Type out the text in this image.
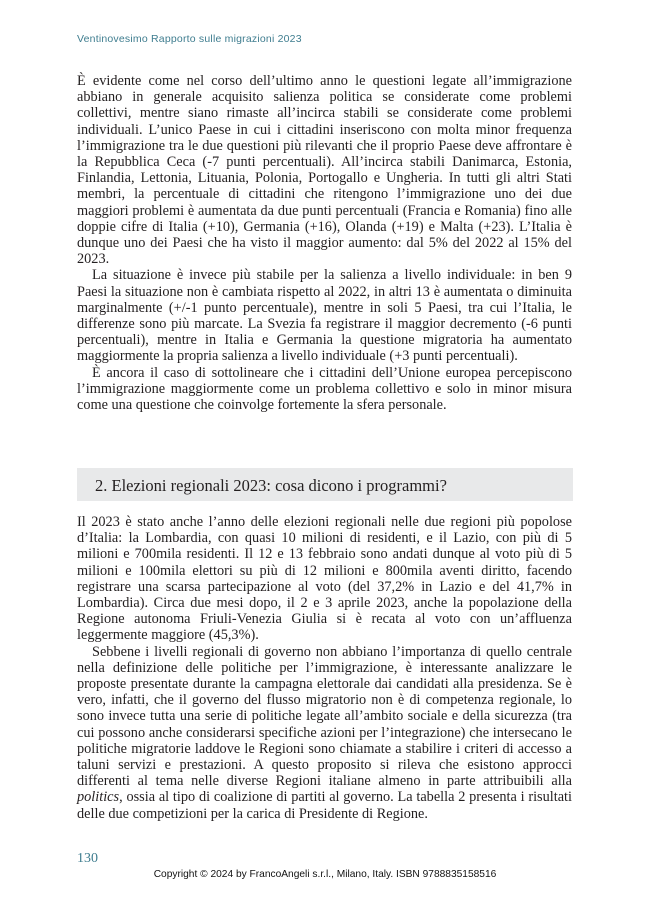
Ventinovesimo Rapporto sulle migrazioni 2023

È evidente come nel corso dell’ultimo anno le questioni legate all’immigrazione abbiano in generale acquisito salienza politica se considerate come problemi collettivi, mentre siano rimaste all’incirca stabili se considerate come problemi individuali. L’unico Paese in cui i cittadini inseriscono con molta minor frequenza l’immigrazione tra le due questioni più rilevanti che il proprio Paese deve affrontare è la Repubblica Ceca (-7 punti percentuali). All’incirca stabili Danimarca, Estonia, Finlandia, Lettonia, Lituania, Polonia, Portogallo e Ungheria. In tutti gli altri Stati membri, la percentuale di cittadini che ritengono l’immigrazione uno dei due maggiori problemi è aumentata da due punti percentuali (Francia e Romania) fino alle doppie cifre di Italia (+10), Germania (+16), Olanda (+19) e Malta (+23). L’Italia è dunque uno dei Paesi che ha visto il maggior aumento: dal 5% del 2022 al 15% del 2023.

La situazione è invece più stabile per la salienza a livello individuale: in ben 9 Paesi la situazione non è cambiata rispetto al 2022, in altri 13 è aumentata o diminuita marginalmente (+/-1 punto percentuale), mentre in soli 5 Paesi, tra cui l’Italia, le differenze sono più marcate. La Svezia fa registrare il maggior decremento (-6 punti percentuali), mentre in Italia e Germania la questione migratoria ha aumentato maggiormente la propria salienza a livello individuale (+3 punti percentuali).

È ancora il caso di sottolineare che i cittadini dell’Unione europea percepiscono l’immigrazione maggiormente come un problema collettivo e solo in minor misura come una questione che coinvolge fortemente la sfera personale.

2. Elezioni regionali 2023: cosa dicono i programmi?

Il 2023 è stato anche l’anno delle elezioni regionali nelle due regioni più popolose d’Italia: la Lombardia, con quasi 10 milioni di residenti, e il Lazio, con più di 5 milioni e 700mila residenti. Il 12 e 13 febbraio sono andati dunque al voto più di 5 milioni e 100mila elettori su più di 12 milioni e 800mila aventi diritto, facendo registrare una scarsa partecipazione al voto (del 37,2% in Lazio e del 41,7% in Lombardia). Circa due mesi dopo, il 2 e 3 aprile 2023, anche la popolazione della Regione autonoma Friuli-Venezia Giulia si è recata al voto con un’affluenza leggermente maggiore (45,3%).

Sebbene i livelli regionali di governo non abbiano l’importanza di quello centrale nella definizione delle politiche per l’immigrazione, è interessante analizzare le proposte presentate durante la campagna elettorale dai candidati alla presidenza. Se è vero, infatti, che il governo del flusso migratorio non è di competenza regionale, lo sono invece tutta una serie di politiche legate all’ambito sociale e della sicurezza (tra cui possono anche considerarsi specifiche azioni per l’integrazione) che intersecano le politiche migratorie laddove le Regioni sono chiamate a stabilire i criteri di accesso a taluni servizi e prestazioni. A questo proposito si rileva che esistono approcci differenti al tema nelle diverse Regioni italiane almeno in parte attribuibili alla politics, ossia al tipo di coalizione di partiti al governo. La tabella 2 presenta i risultati delle due competizioni per la carica di Presidente di Regione.

130
Copyright © 2024 by FrancoAngeli s.r.l., Milano, Italy. ISBN 9788835158516
